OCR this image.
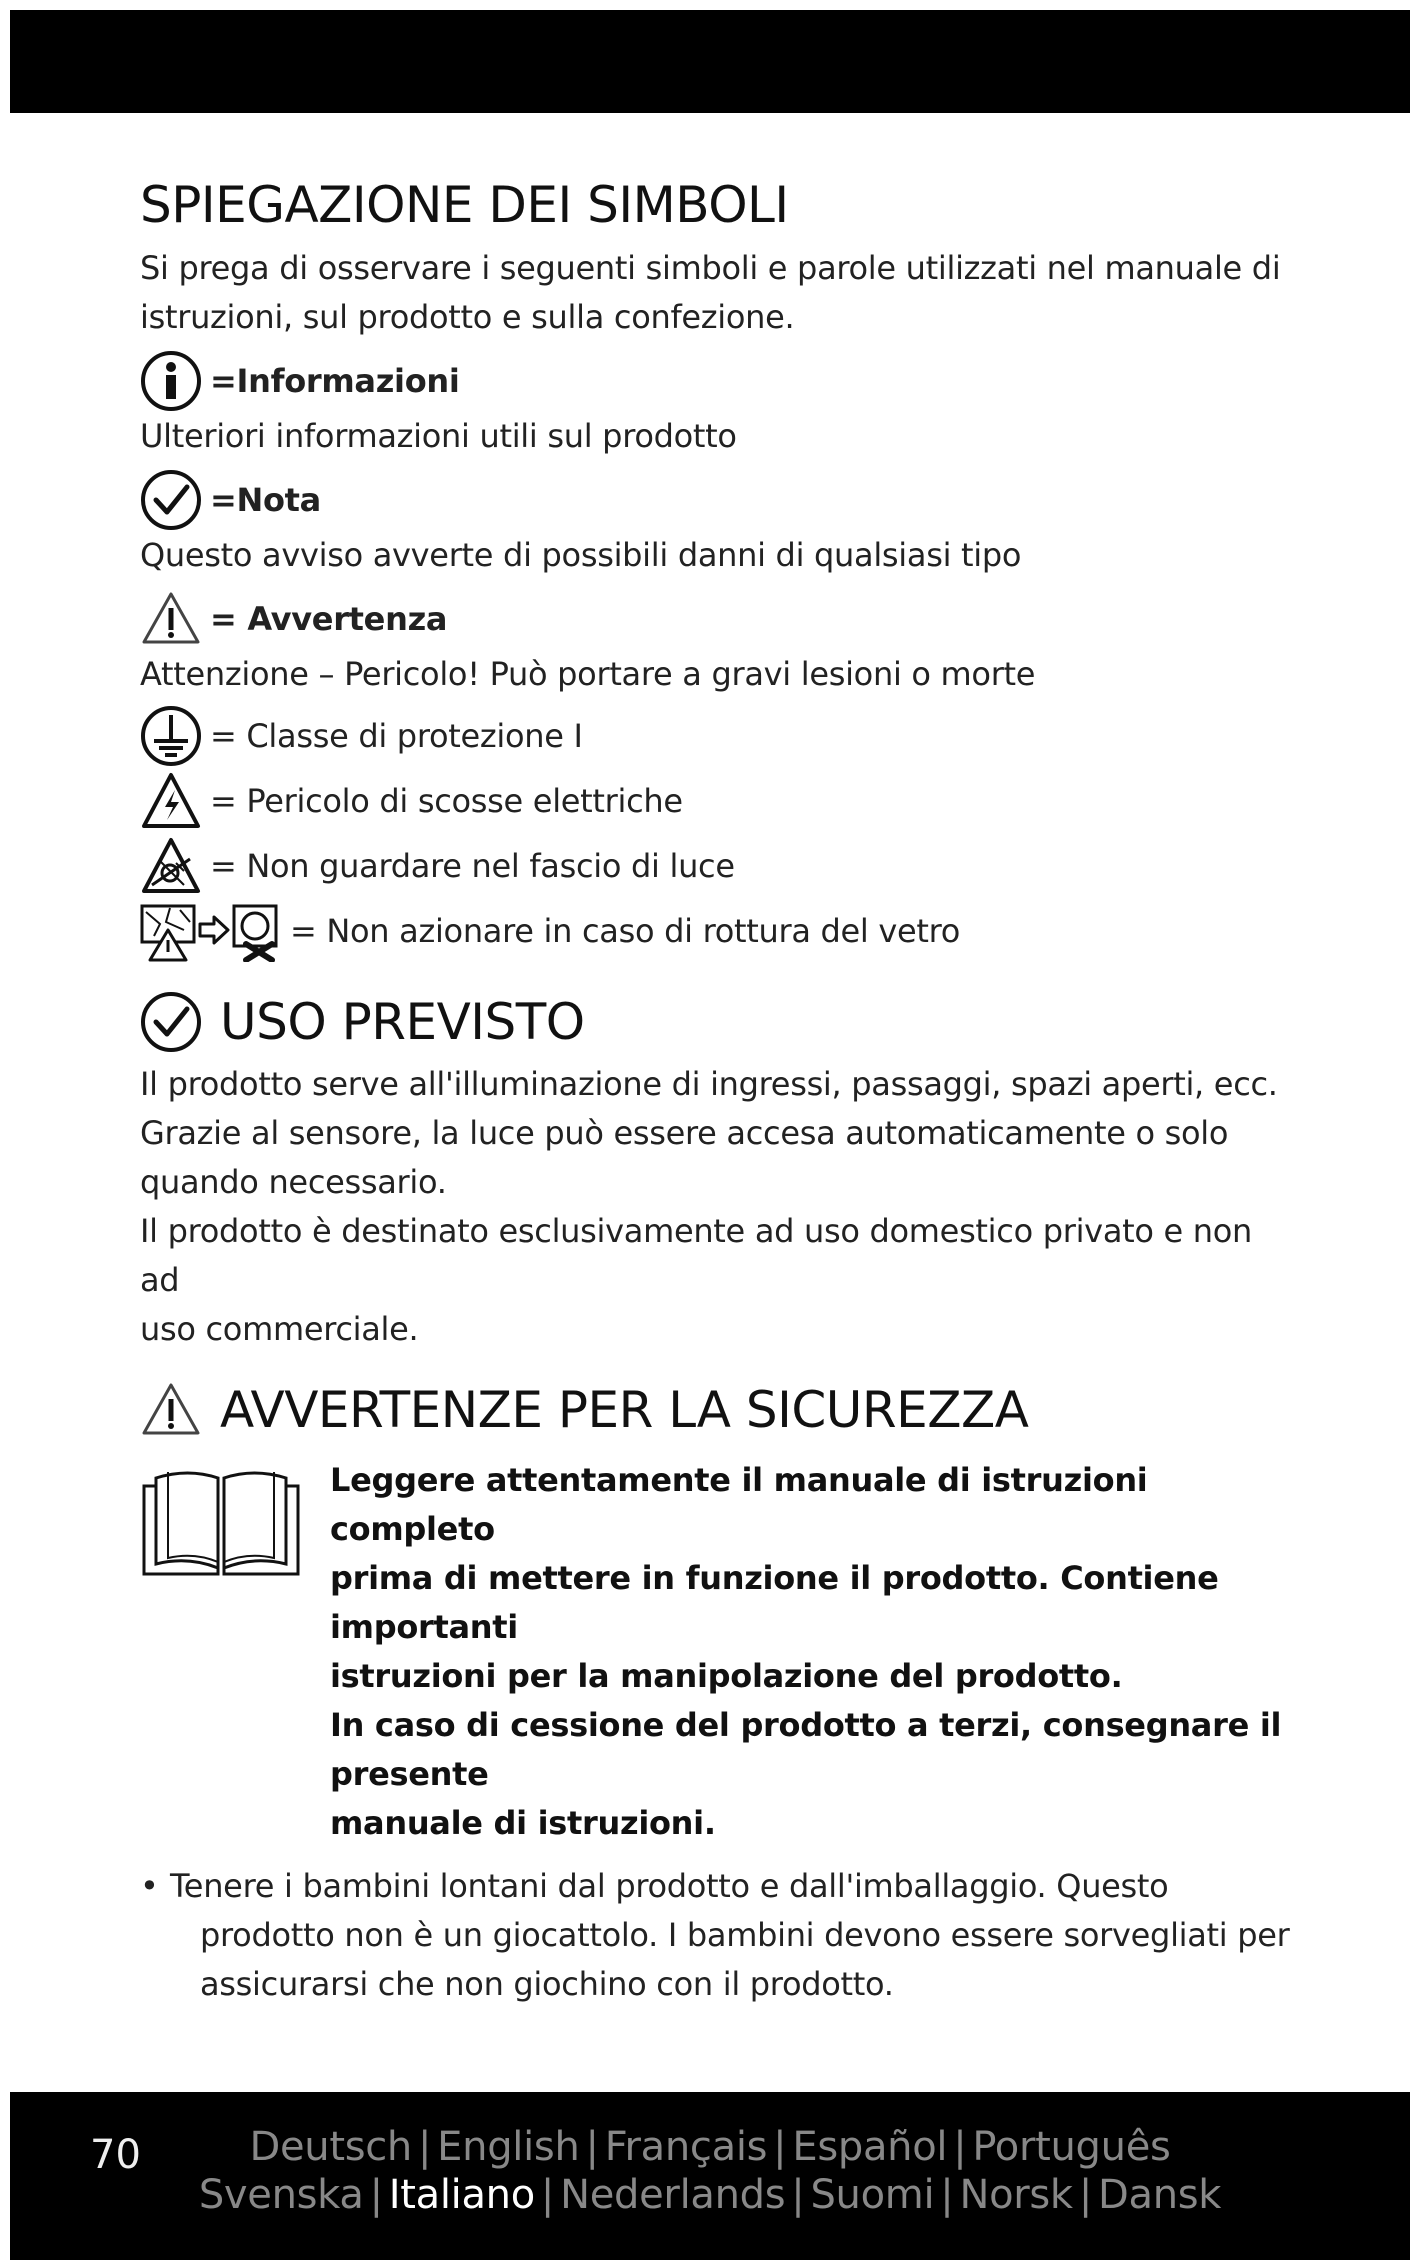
SPIEGAZIONE DEI SIMBOLI
Si prega di osservare i seguenti simboli e parole utilizzati nel manuale di
istruzioni, sul prodotto e sulla confezione.
=Informazioni
Ulteriori informazioni utili sul prodotto
=Nota
Questo avviso avverte di possibili danni di qualsiasi tipo
= Avvertenza
Attenzione – Pericolo! Può portare a gravi lesioni o morte
= Classe di protezione I
= Pericolo di scosse elettriche
= Non guardare nel fascio di luce
= Non azionare in caso di rottura del vetro
USO PREVISTO
Il prodotto serve all'illuminazione di ingressi, passaggi, spazi aperti, ecc.
Grazie al sensore, la luce può essere accesa automaticamente o solo
quando necessario.
Il prodotto è destinato esclusivamente ad uso domestico privato e non ad
uso commerciale.
AVVERTENZE PER LA SICUREZZA
Leggere attentamente il manuale di istruzioni completo
prima di mettere in funzione il prodotto. Contiene importanti
istruzioni per la manipolazione del prodotto.
In caso di cessione del prodotto a terzi, consegnare il presente
manuale di istruzioni.
• Tenere i bambini lontani dal prodotto e dall'imballaggio. Questo
prodotto non è un giocattolo. I bambini devono essere sorvegliati per
assicurarsi che non giochino con il prodotto.
70	Deutsch | English | Français | Español | Português
Svenska | Italiano | Nederlands | Suomi | Norsk | Dansk
